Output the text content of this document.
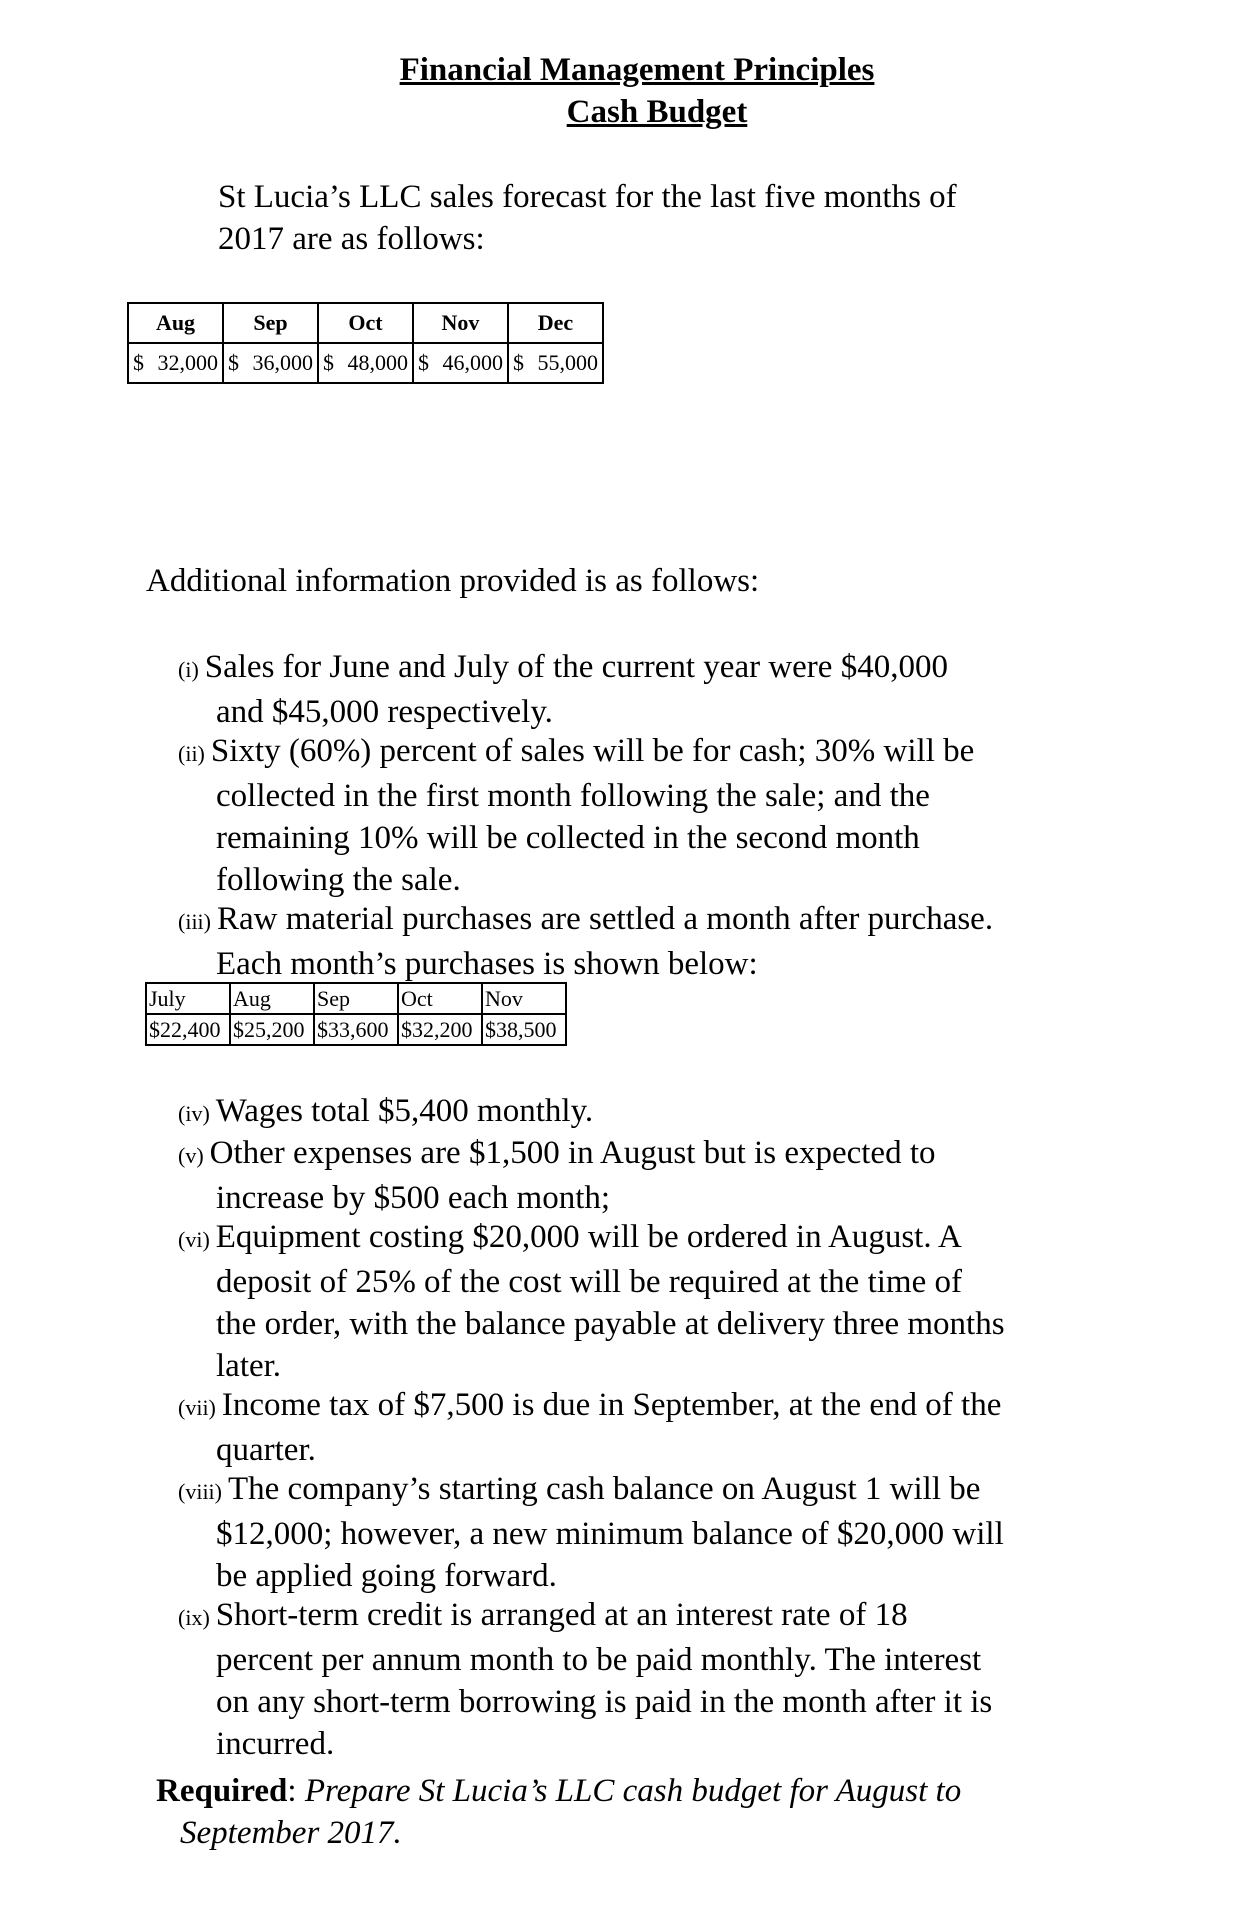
Financial Management Principles
Cash Budget
St Lucia’s LLC sales forecast for the last five months of
2017 are as follows:
Aug	Sep	Oct	Nov	Dec

$ 32,000	$ 36,000	$ 48,000	$ 46,000	$ 55,000
Additional information provided is as follows:
(i) Sales for June and July of the current year were $40,000
and $45,000 respectively.
(ii) Sixty (60%) percent of sales will be for cash; 30% will be
collected in the first month following the sale; and the
remaining 10% will be collected in the second month
following the sale.
(iii) Raw material purchases are settled a month after purchase.
Each month’s purchases is shown below:
July	Aug	Sep	Oct	Nov
$22,400	$25,200	$33,600	$32,200	$38,500
(iv) Wages total $5,400 monthly.
(v) Other expenses are $1,500 in August but is expected to
increase by $500 each month;
(vi) Equipment costing $20,000 will be ordered in August. A
deposit of 25% of the cost will be required at the time of
the order, with the balance payable at delivery three months
later.
(vii) Income tax of $7,500 is due in September, at the end of the
quarter.
(viii) The company’s starting cash balance on August 1 will be
$12,000; however, a new minimum balance of $20,000 will
be applied going forward.
(ix) Short-term credit is arranged at an interest rate of 18
percent per annum month to be paid monthly. The interest
on any short-term borrowing is paid in the month after it is
incurred.
Required: Prepare St Lucia’s LLC cash budget for August to
September 2017.
